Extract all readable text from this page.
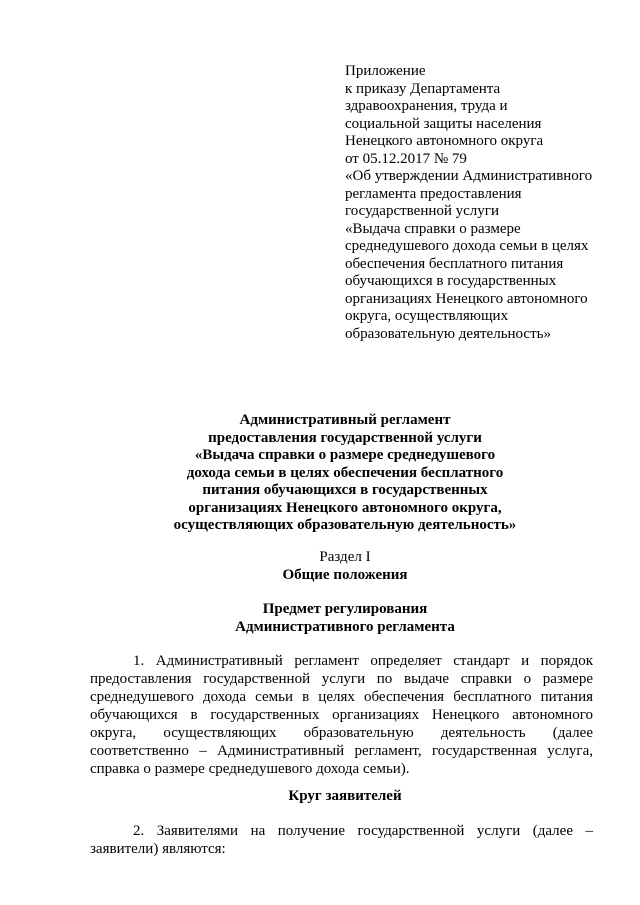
Приложение
к приказу Департамента
здравоохранения, труда и
социальной защиты населения
Ненецкого автономного округа
от 05.12.2017 № 79
«Об утверждении Административного
регламента предоставления
государственной услуги
«Выдача справки о размере
среднедушевого дохода семьи в целях
обеспечения бесплатного питания
обучающихся в государственных
организациях Ненецкого автономного
округа, осуществляющих
образовательную деятельность»
Административный регламент
предоставления государственной услуги
«Выдача справки о размере среднедушевого
дохода семьи в целях обеспечения бесплатного
питания обучающихся в государственных
организациях Ненецкого автономного округа,
осуществляющих образовательную деятельность»
Раздел I
Общие положения
Предмет регулирования
Административного регламента
1. Административный регламент определяет стандарт и порядок
предоставления государственной услуги по выдаче справки о размере
среднедушевого дохода семьи в целях обеспечения бесплатного питания
обучающихся в государственных организациях Ненецкого автономного
округа, осуществляющих образовательную деятельность (далее
соответственно – Административный регламент, государственная услуга,
справка о размере среднедушевого дохода семьи).
Круг заявителей
2. Заявителями на получение государственной услуги (далее –
заявители) являются:
